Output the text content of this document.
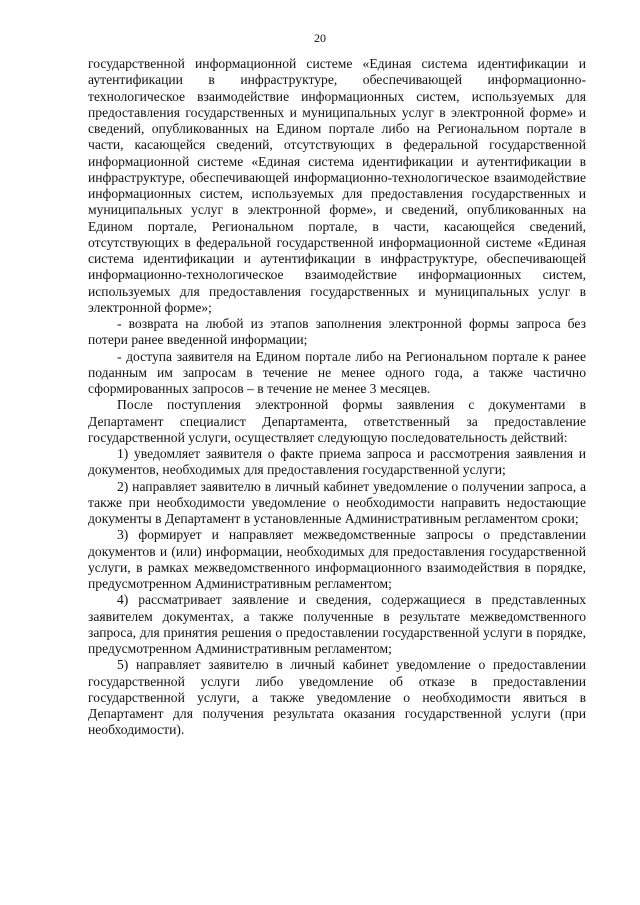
20

государственной информационной системе «Единая система идентификации и аутентификации в инфраструктуре, обеспечивающей информационно-технологическое взаимодействие информационных систем, используемых для предоставления государственных и муниципальных услуг в электронной форме» и сведений, опубликованных на Едином портале либо на Региональном портале в части, касающейся сведений, отсутствующих в федеральной государственной информационной системе «Единая система идентификации и аутентификации в инфраструктуре, обеспечивающей информационно-технологическое взаимодействие информационных систем, используемых для предоставления государственных и муниципальных услуг в электронной форме», и сведений, опубликованных на Едином портале, Региональном портале, в части, касающейся сведений, отсутствующих в федеральной государственной информационной системе «Единая система идентификации и аутентификации в инфраструктуре, обеспечивающей информационно-технологическое взаимодействие информационных систем, используемых для предоставления государственных и муниципальных услуг в электронной форме»;

- возврата на любой из этапов заполнения электронной формы запроса без потери ранее введенной информации;

- доступа заявителя на Едином портале либо на Региональном портале к ранее поданным им запросам в течение не менее одного года, а также частично сформированных запросов – в течение не менее 3 месяцев.

После поступления электронной формы заявления с документами в Департамент специалист Департамента, ответственный за предоставление государственной услуги, осуществляет следующую последовательность действий:

1) уведомляет заявителя о факте приема запроса и рассмотрения заявления и документов, необходимых для предоставления государственной услуги;

2) направляет заявителю в личный кабинет уведомление о получении запроса, а также при необходимости уведомление о необходимости направить недостающие документы в Департамент в установленные Административным регламентом сроки;

3) формирует и направляет межведомственные запросы о представлении документов и (или) информации, необходимых для предоставления государственной услуги, в рамках межведомственного информационного взаимодействия в порядке, предусмотренном Административным регламентом;

4) рассматривает заявление и сведения, содержащиеся в представленных заявителем документах, а также полученные в результате межведомственного запроса, для принятия решения о предоставлении государственной услуги в порядке, предусмотренном Административным регламентом;

5) направляет заявителю в личный кабинет уведомление о предоставлении государственной услуги либо уведомление об отказе в предоставлении государственной услуги, а также уведомление о необходимости явиться в Департамент для получения результата оказания государственной услуги (при необходимости).
